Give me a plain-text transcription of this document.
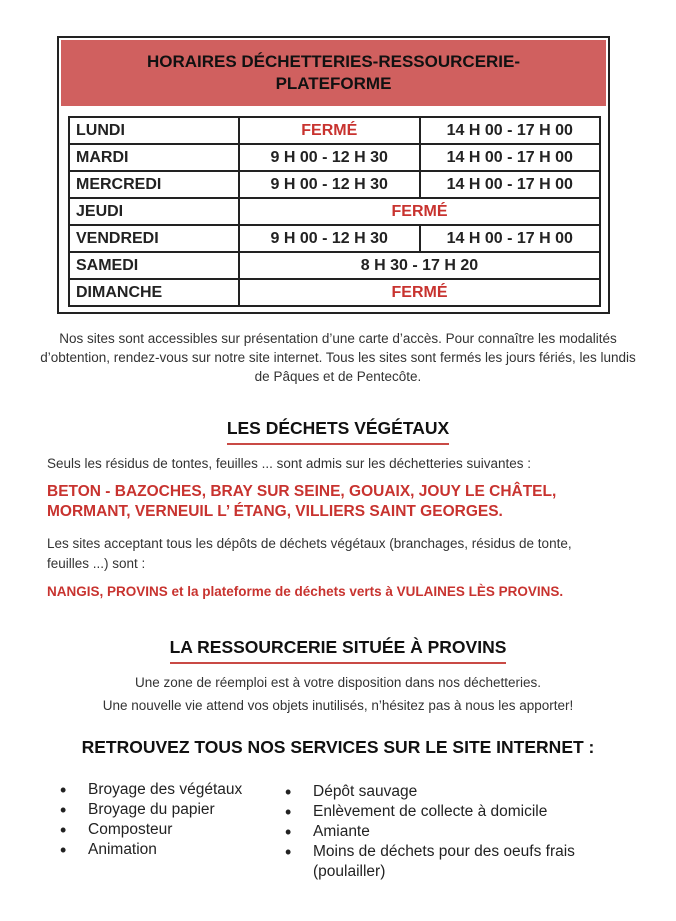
HORAIRES DÉCHETTERIES-RESSOURCERIE-PLATEFORME
LUNDI	FERMÉ	14 H 00 - 17 H 00
MARDI	9 H 00 - 12 H 30	14 H 00 - 17 H 00
MERCREDI	9 H 00 - 12 H 30	14 H 00 - 17 H 00
JEUDI	FERMÉ	
VENDREDI	9 H 00 - 12 H 30	14 H 00 - 17 H 00
SAMEDI	8 H 30 - 17 H 20	
DIMANCHE	FERMÉ	
Nos sites sont accessibles sur présentation d’une carte d’accès. Pour connaître les modalités d’obtention, rendez-vous sur notre site internet. Tous les sites sont fermés les jours fériés, les lundis de Pâques et de Pentecôte.
LES DÉCHETS VÉGÉTAUX
Seuls les résidus de tontes, feuilles ... sont admis sur les déchetteries suivantes :
BETON - BAZOCHES, BRAY SUR SEINE, GOUAIX, JOUY LE CHÂTEL,
MORMANT, VERNEUIL L’ ÉTANG, VILLIERS SAINT GEORGES.
Les sites acceptant tous les dépôts de déchets végétaux (branchages, résidus de tonte, feuilles ...) sont :
NANGIS, PROVINS et la plateforme de déchets verts à VULAINES LÈS PROVINS.
LA RESSOURCERIE SITUÉE À PROVINS
Une zone de réemploi est à votre disposition dans nos déchetteries.
Une nouvelle vie attend vos objets inutilisés, n’hésitez pas à nous les apporter!
RETROUVEZ TOUS NOS SERVICES SUR LE SITE INTERNET :
• Broyage des végétaux
• Broyage du papier
• Composteur
• Animation
• Dépôt sauvage
• Enlèvement de collecte à domicile
• Amiante
• Moins de déchets pour des oeufs frais (poulailler)
